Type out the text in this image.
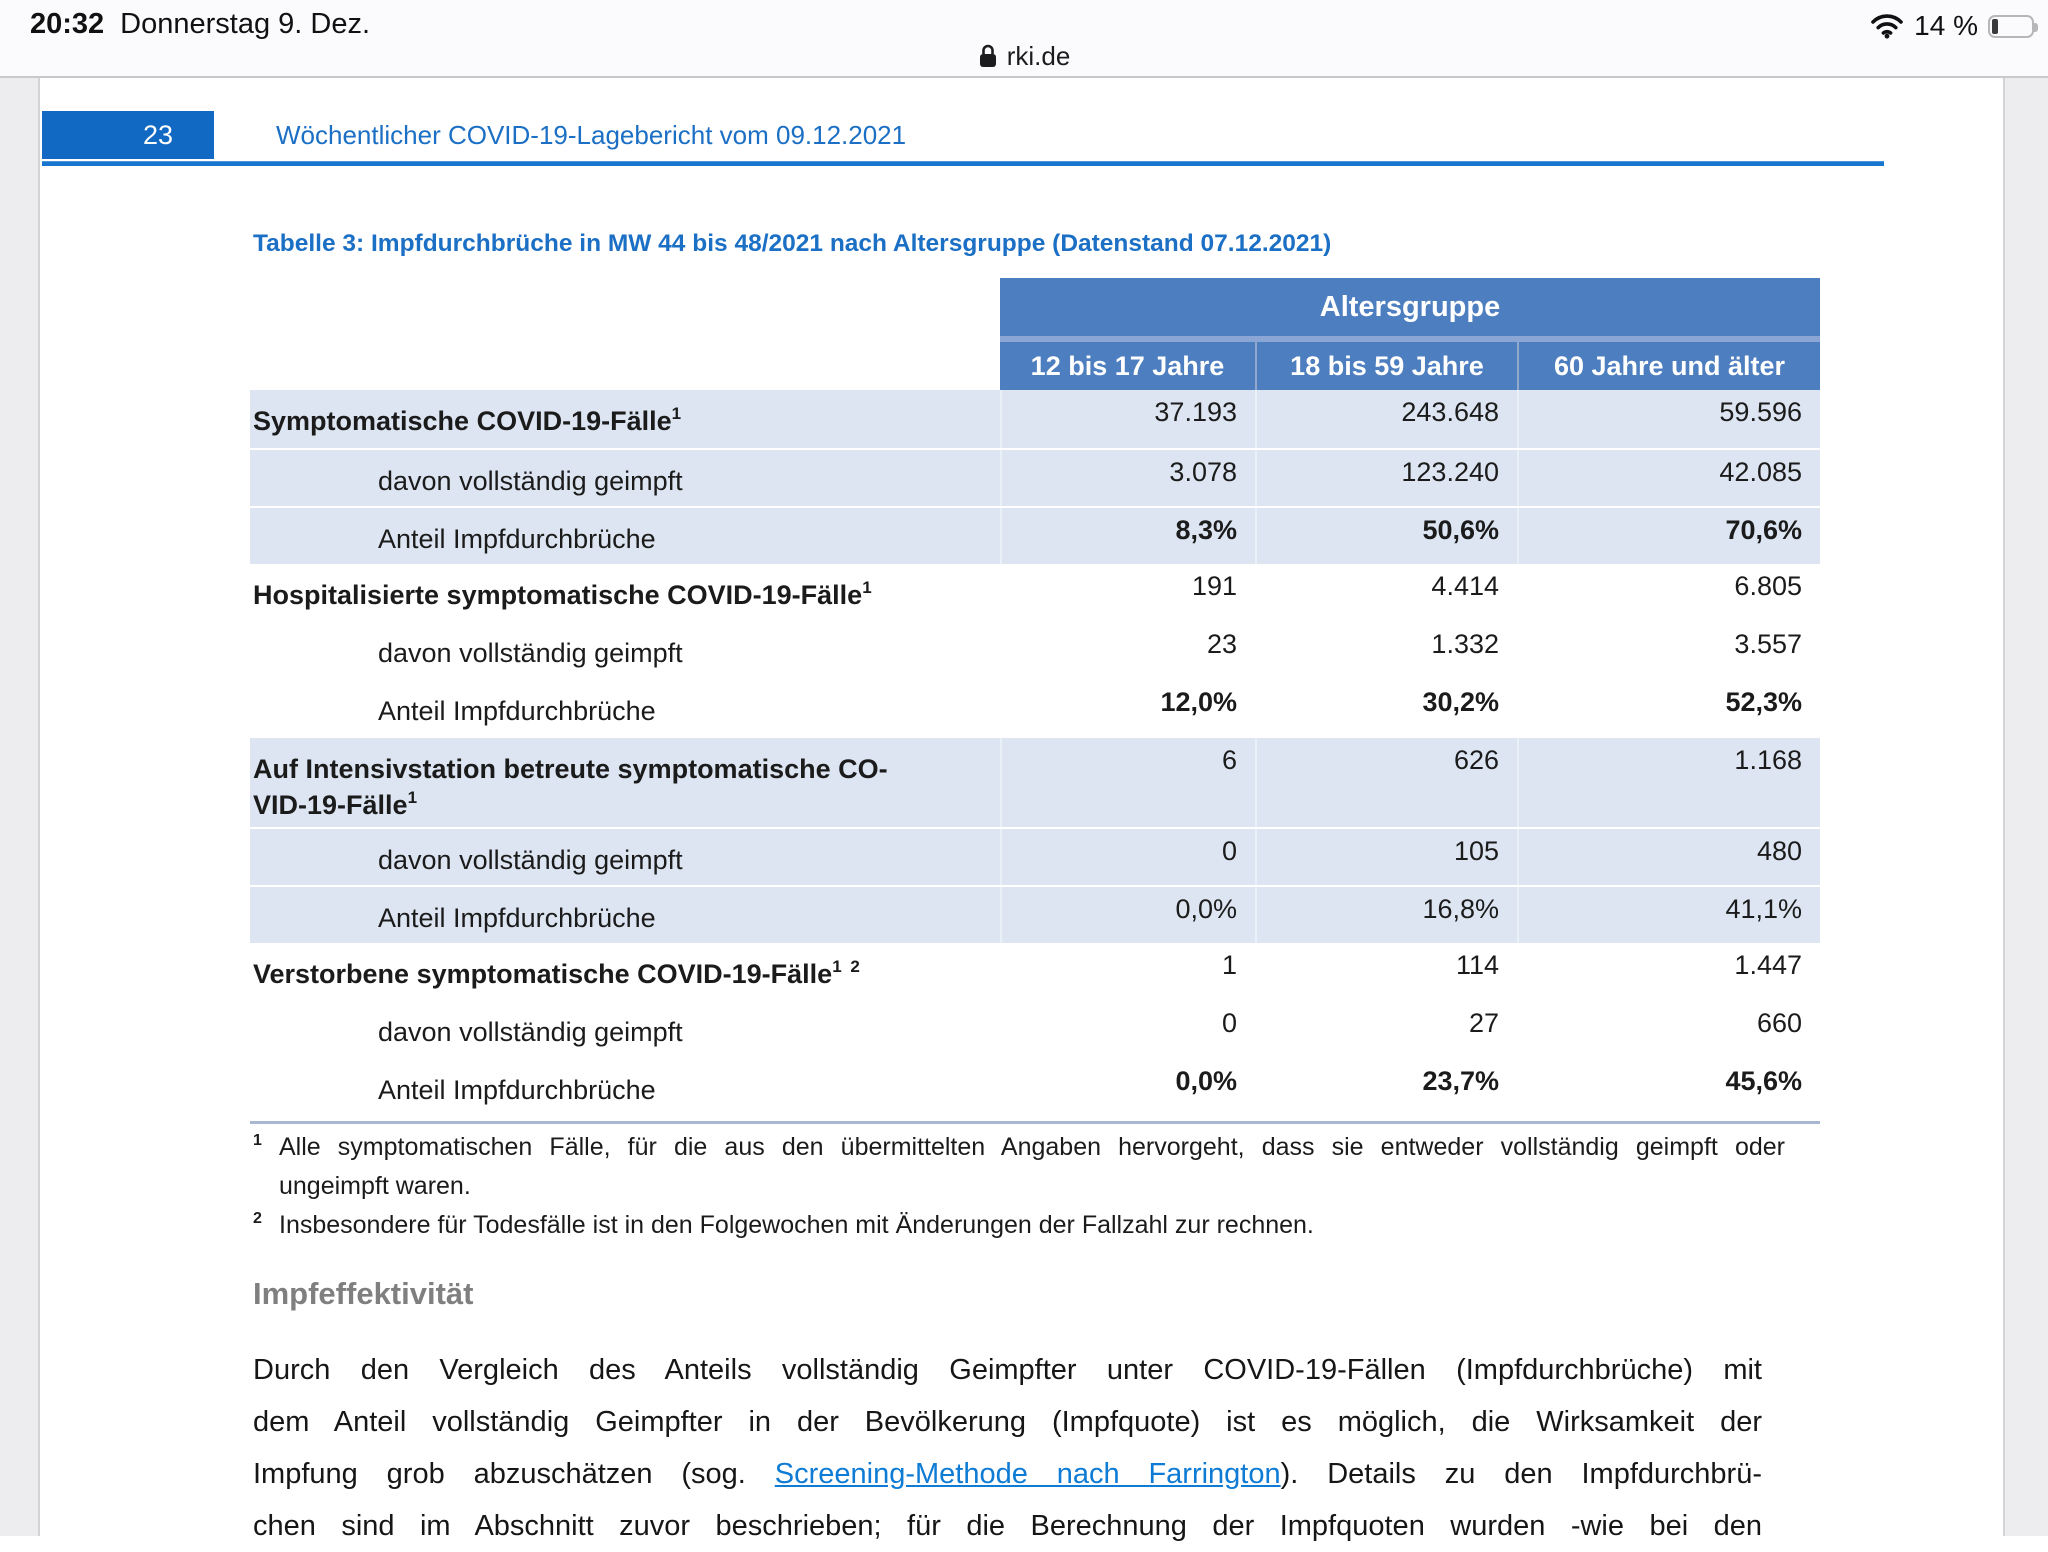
20:32 Donnerstag 9. Dez.	14 %
rki.de
23	Wöchentlicher COVID-19-Lagebericht vom 09.12.2021
Tabelle 3: Impfdurchbrüche in MW 44 bis 48/2021 nach Altersgruppe (Datenstand 07.12.2021)
Altersgruppe
12 bis 17 Jahre	18 bis 59 Jahre	60 Jahre und älter
Symptomatische COVID-19-Fälle$^1$	37.193	243.648	59.596
davon vollständig geimpft	3.078	123.240	42.085
Anteil Impfdurchbrüche	8,3%	50,6%	70,6%
Hospitalisierte symptomatische COVID-19-Fälle$^1$	191	4.414	6.805
davon vollständig geimpft	23	1.332	3.557
Anteil Impfdurchbrüche	12,0%	30,2%	52,3%
Auf Intensivstation betreute symptomatische CO-
VID-19-Fälle$^1$
6	626	1.168
davon vollständig geimpft	0	105	480
Anteil Impfdurchbrüche	0,0%	16,8%	41,1%
Verstorbene symptomatische COVID-19-Fälle$^{1 2}$	1	114	1.447
davon vollständig geimpft	0	27	660
Anteil Impfdurchbrüche	0,0%	23,7%	45,6%
1 Alle symptomatischen Fälle, für die aus den übermittelten Angaben hervorgeht, dass sie entweder vollständig geimpft oder
ungeimpft waren.
2 Insbesondere für Todesfälle ist in den Folgewochen mit Änderungen der Fallzahl zur rechnen.
Impfeffektivität
Durch den Vergleich des Anteils vollständig Geimpfter unter COVID-19-Fällen (Impfdurchbrüche) mit
dem Anteil vollständig Geimpfter in der Bevölkerung (Impfquote) ist es möglich, die Wirksamkeit der
Impfung grob abzuschätzen (sog. Screening-Methode nach Farrington). Details zu den Impfdurchbrü-
chen sind im Abschnitt zuvor beschrieben; für die Berechnung der Impfquoten wurden -wie bei den
